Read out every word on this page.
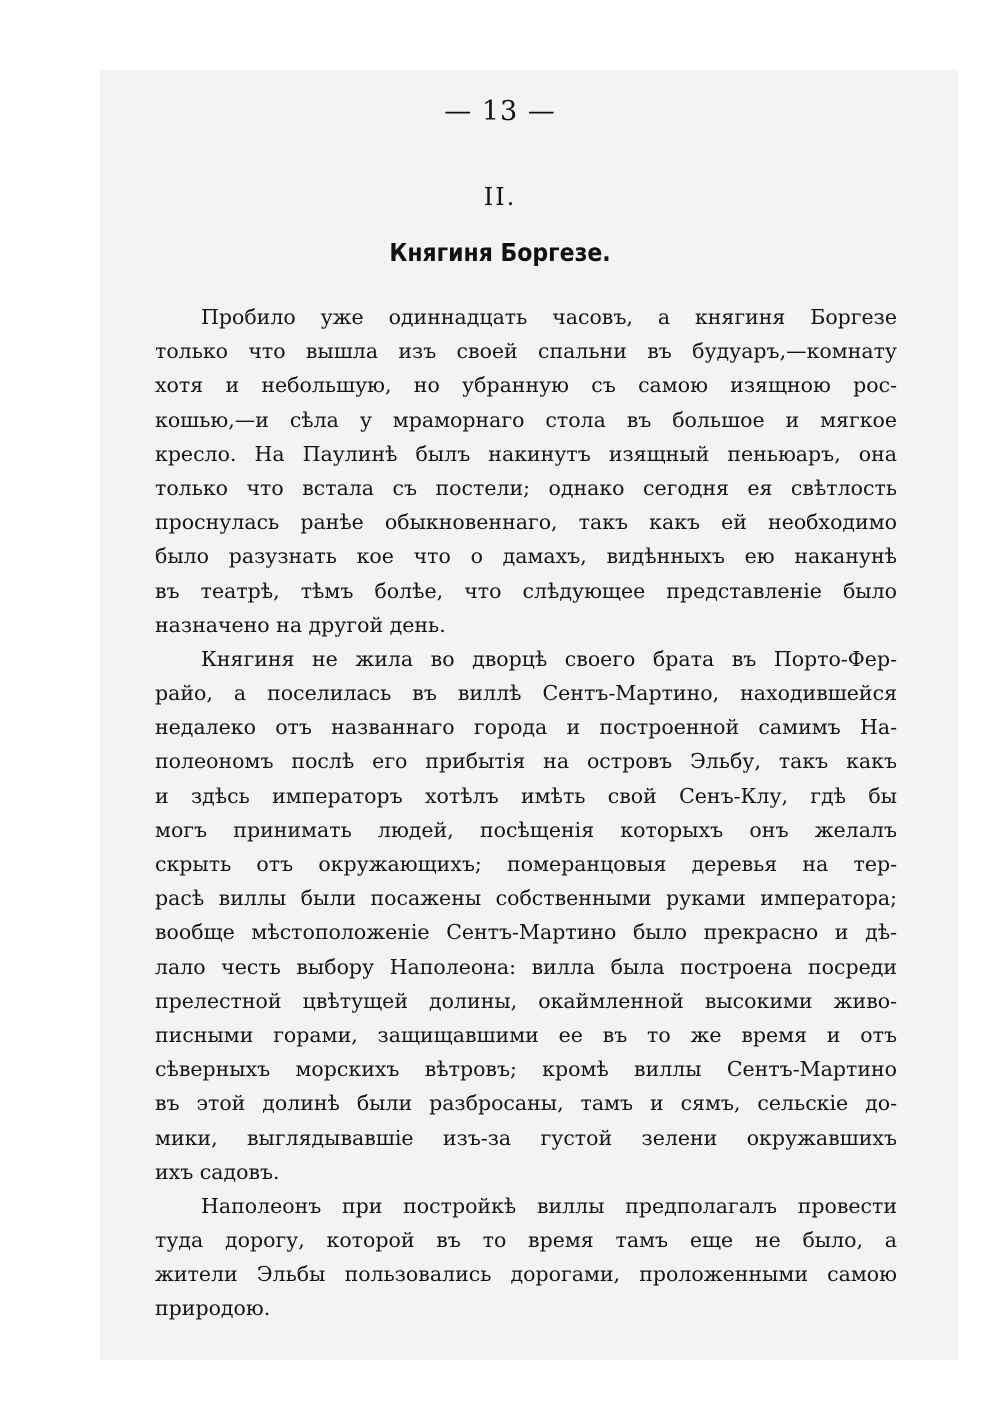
— 13 —
II.
Княгиня Боргезе.
Пробило уже одиннадцать часовъ, а княгиня Боргезе
только что вышла изъ своей спальни въ будуаръ,—комнату
хотя и небольшую, но убранную съ самою изящною рос-
кошью,—и сѣла у мраморнаго стола въ большое и мягкое
кресло. На Паулинѣ былъ накинутъ изящный пеньюаръ, она
только что встала съ постели; однако сегодня ея свѣтлость
проснулась ранѣе обыкновеннаго, такъ какъ ей необходимо
было разузнать кое что о дамахъ, видѣнныхъ ею наканунѣ
въ театрѣ, тѣмъ болѣе, что слѣдующее представленіе было
назначено на другой день.
Княгиня не жила во дворцѣ своего брата въ Порто-Фер-
райо, а поселилась въ виллѣ Сентъ-Мартино, находившейся
недалеко отъ названнаго города и построенной самимъ На-
полеономъ послѣ его прибытія на островъ Эльбу, такъ какъ
и здѣсь императоръ хотѣлъ имѣть свой Сенъ-Клу, гдѣ бы
могъ принимать людей, посѣщенія которыхъ онъ желалъ
скрыть отъ окружающихъ; померанцовыя деревья на тер-
расѣ виллы были посажены собственными руками императора;
вообще мѣстоположеніе Сентъ-Мартино было прекрасно и дѣ-
лало честь выбору Наполеона: вилла была построена посреди
прелестной цвѣтущей долины, окаймленной высокими живо-
писными горами, защищавшими ее въ то же время и отъ
сѣверныхъ морскихъ вѣтровъ; кромѣ виллы Сентъ-Мартино
въ этой долинѣ были разбросаны, тамъ и сямъ, сельскіе до-
мики, выглядывавшіе изъ-за густой зелени окружавшихъ
ихъ садовъ.
Наполеонъ при постройкѣ виллы предполагалъ провести
туда дорогу, которой въ то время тамъ еще не было, а
жители Эльбы пользовались дорогами, проложенными самою
природою.
